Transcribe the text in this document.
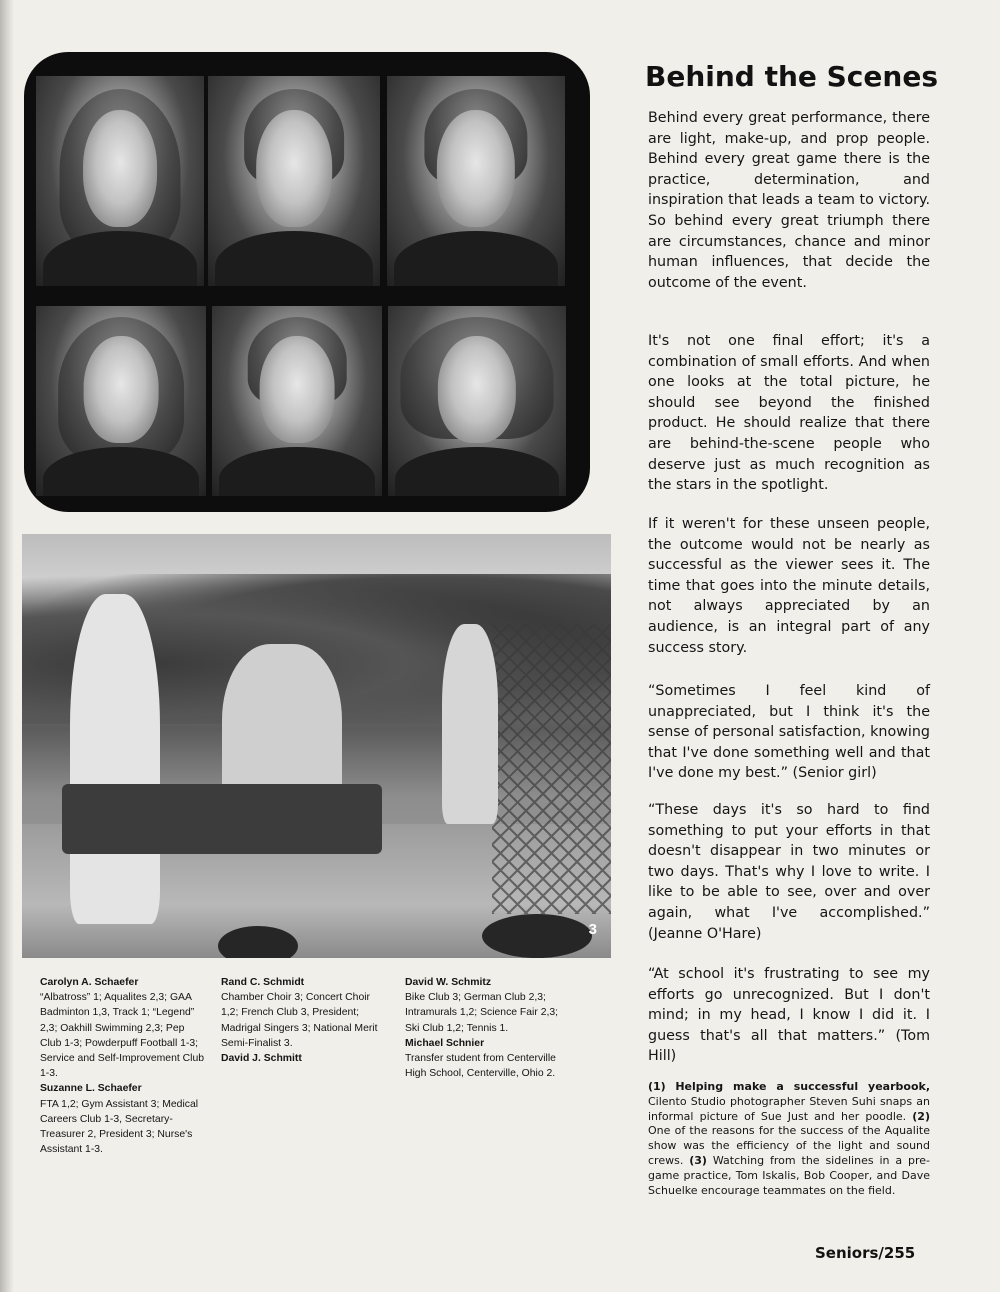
3
Carolyn A. Schaefer
“Albatross” 1; Aqualites 2,3; GAA Badminton 1,3, Track 1; “Legend” 2,3; Oakhill Swimming 2,3; Pep Club 1-3; Powderpuff Football 1-3; Service and Self-Improvement Club 1-3.
Suzanne L. Schaefer
FTA 1,2; Gym Assistant 3; Medical Careers Club 1-3, Secretary-Treasurer 2, President 3; Nurse's Assistant 1-3.
Rand C. Schmidt
Chamber Choir 3; Concert Choir 1,2; French Club 3, President; Madrigal Singers 3; National Merit Semi-Finalist 3.
David J. Schmitt
David W. Schmitz
Bike Club 3; German Club 2,3; Intramurals 1,2; Science Fair 2,3; Ski Club 1,2; Tennis 1.
Michael Schnier
Transfer student from Centerville High School, Centerville, Ohio 2.
Behind the Scenes

Behind every great performance, there are light, make-up, and prop people. Behind every great game there is the practice, determination, and inspiration that leads a team to victory. So behind every great triumph there are circumstances, chance and minor human influences, that decide the outcome of the event.

It's not one final effort; it's a combination of small efforts. And when one looks at the total picture, he should see beyond the finished product. He should realize that there are behind-the-scene people who deserve just as much recognition as the stars in the spotlight.

If it weren't for these unseen people, the outcome would not be nearly as successful as the viewer sees it. The time that goes into the minute details, not always appreciated by an audience, is an integral part of any success story.

“Sometimes I feel kind of unappreciated, but I think it's the sense of personal satisfaction, knowing that I've done something well and that I've done my best.” (Senior girl)

“These days it's so hard to find something to put your efforts in that doesn't disappear in two minutes or two days. That's why I love to write. I like to be able to see, over and over again, what I've accomplished.” (Jeanne O'Hare)

“At school it's frustrating to see my efforts go unrecognized. But I don't mind; in my head, I know I did it. I guess that's all that matters.” (Tom Hill)

(1) Helping make a successful yearbook, Cilento Studio photographer Steven Suhi snaps an informal picture of Sue Just and her poodle. (2) One of the reasons for the success of the Aqualite show was the efficiency of the light and sound crews. (3) Watching from the sidelines in a pre-game practice, Tom Iskalis, Bob Cooper, and Dave Schuelke encourage teammates on the field.

Seniors/255
